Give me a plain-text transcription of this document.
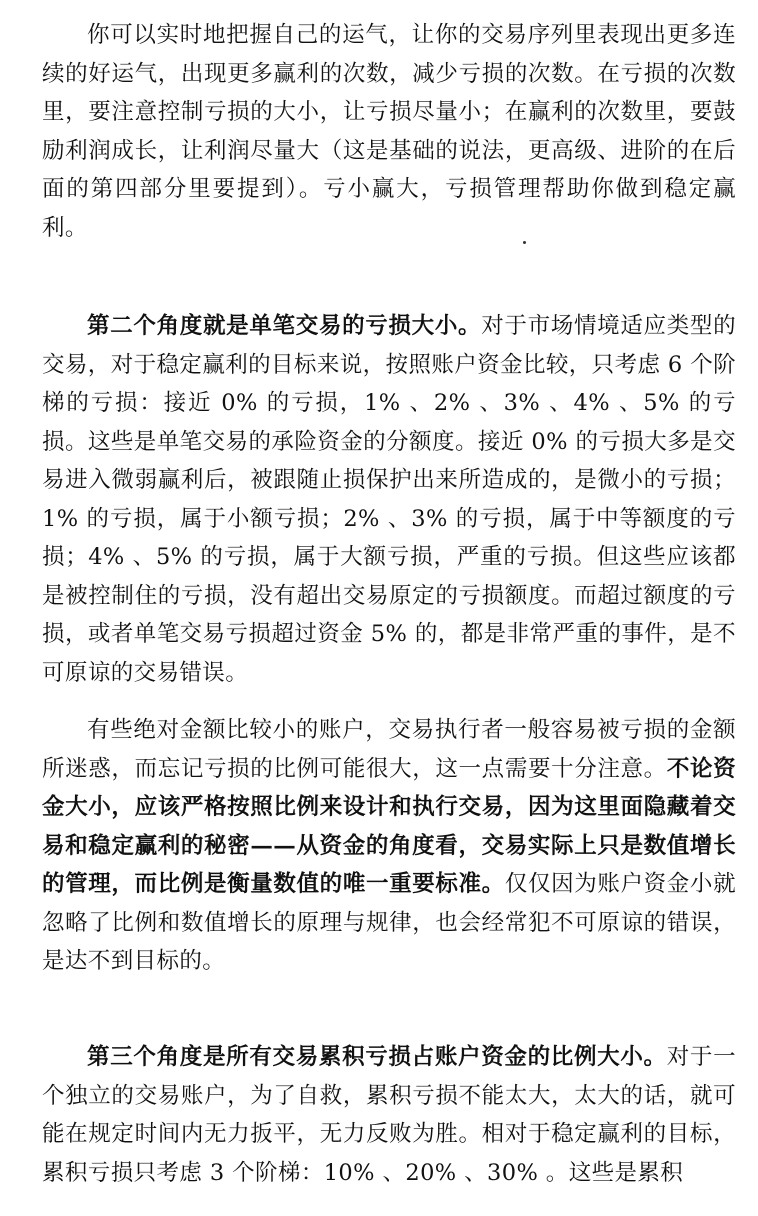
你可以实时地把握自己的运气，让你的交易序列里表现出更多连续的好运气，出现更多赢利的次数，减少亏损的次数。在亏损的次数里，要注意控制亏损的大小，让亏损尽量小；在赢利的次数里，要鼓励利润成长，让利润尽量大（这是基础的说法，更高级、进阶的在后面的第四部分里要提到）。亏小赢大，亏损管理帮助你做到稳定赢利。

第二个角度就是单笔交易的亏损大小。对于市场情境适应类型的交易，对于稳定赢利的目标来说，按照账户资金比较，只考虑 6 个阶梯的亏损：接近 0% 的亏损，1% 、2% 、3% 、4% 、5% 的亏损。这些是单笔交易的承险资金的分额度。接近 0% 的亏损大多是交易进入微弱赢利后，被跟随止损保护出来所造成的，是微小的亏损；1% 的亏损，属于小额亏损；2% 、3% 的亏损，属于中等额度的亏损；4% 、5% 的亏损，属于大额亏损，严重的亏损。但这些应该都是被控制住的亏损，没有超出交易原定的亏损额度。而超过额度的亏损，或者单笔交易亏损超过资金 5% 的，都是非常严重的事件，是不可原谅的交易错误。

有些绝对金额比较小的账户，交易执行者一般容易被亏损的金额所迷惑，而忘记亏损的比例可能很大，这一点需要十分注意。不论资金大小，应该严格按照比例来设计和执行交易，因为这里面隐藏着交易和稳定赢利的秘密——从资金的角度看，交易实际上只是数值增长的管理，而比例是衡量数值的唯一重要标准。仅仅因为账户资金小就忽略了比例和数值增长的原理与规律，也会经常犯不可原谅的错误，是达不到目标的。

第三个角度是所有交易累积亏损占账户资金的比例大小。对于一个独立的交易账户，为了自救，累积亏损不能太大，太大的话，就可能在规定时间内无力扳平，无力反败为胜。相对于稳定赢利的目标，累积亏损只考虑 3 个阶梯：10% 、20% 、30% 。这些是累积
